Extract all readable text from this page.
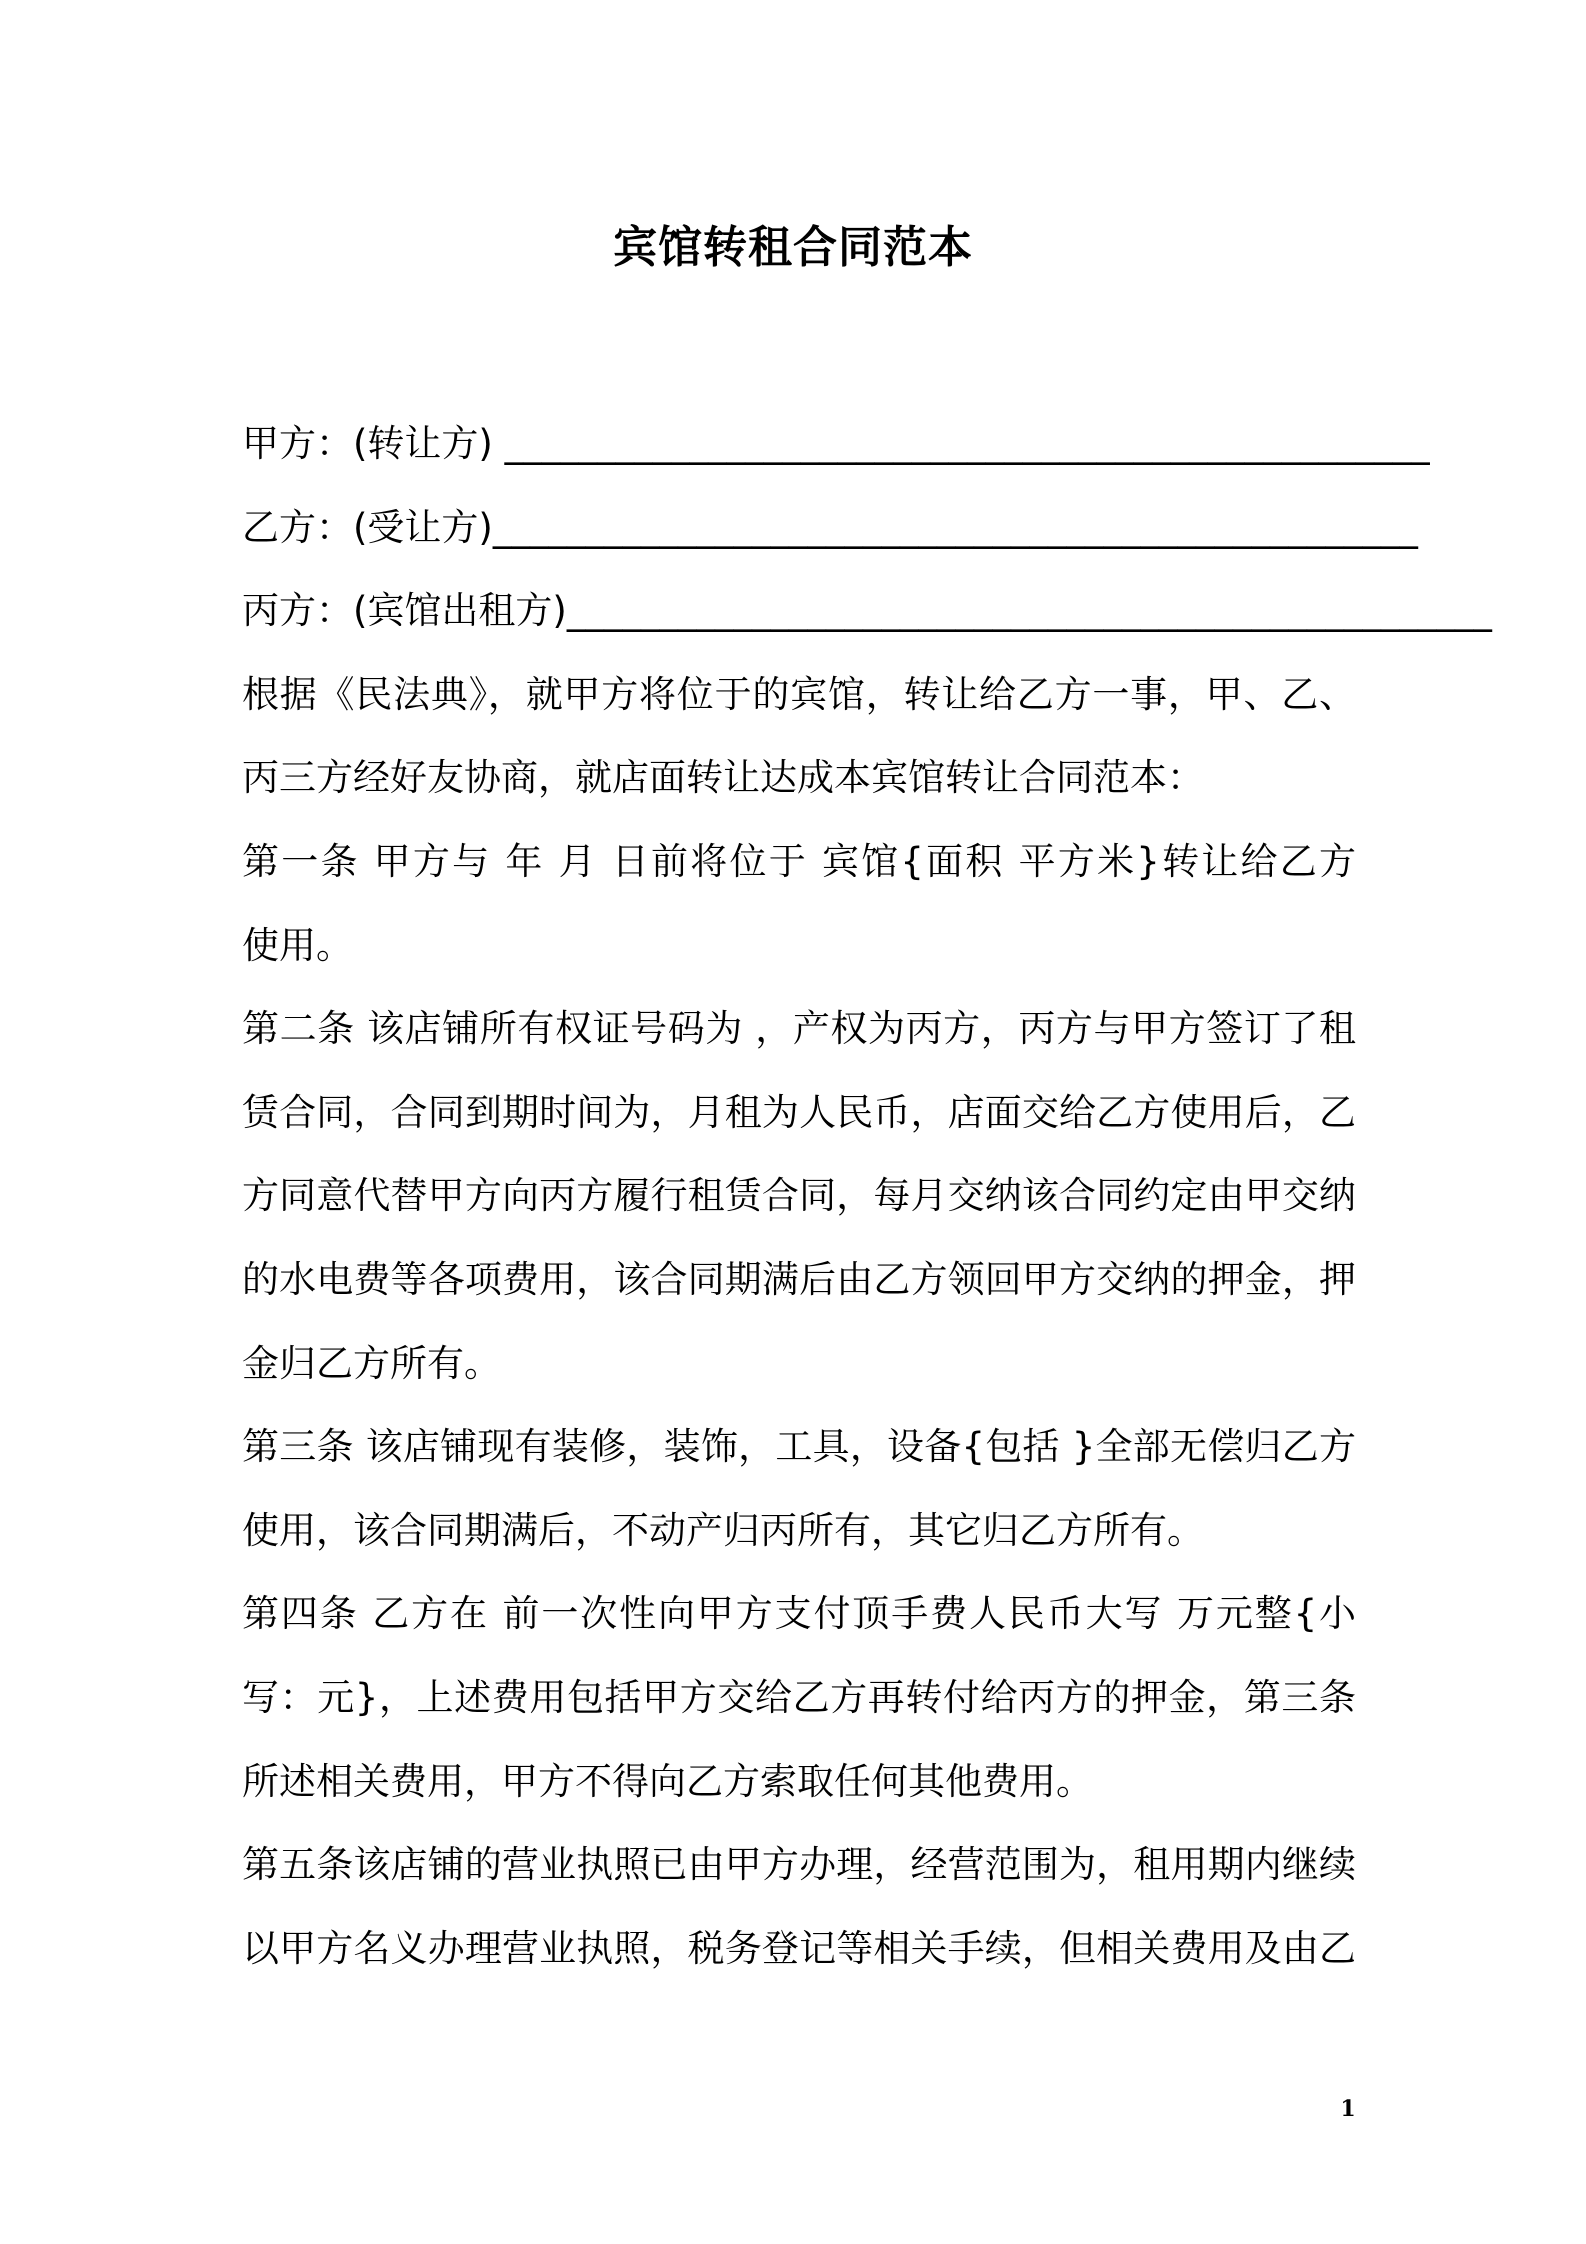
宾馆转租合同范本
甲方：(转让方) __________________________________________________
乙方：(受让方) __________________________________________________
丙方：(宾馆出租方) __________________________________________________
根据《民法典》，就甲方将位于的宾馆，转让给乙方一事，甲、乙、
丙三方经好友协商，就店面转让达成本宾馆转让合同范本：
第一条 甲方与 年 月 日前将位于 宾馆{面积 平方米}转让给乙方
使用。
第二条 该店铺所有权证号码为 ，产权为丙方，丙方与甲方签订了租
赁合同，合同到期时间为，月租为人民币，店面交给乙方使用后，乙
方同意代替甲方向丙方履行租赁合同，每月交纳该合同约定由甲交纳
的水电费等各项费用，该合同期满后由乙方领回甲方交纳的押金，押
金归乙方所有。
第三条 该店铺现有装修，装饰，工具，设备{包括 }全部无偿归乙方
使用，该合同期满后，不动产归丙所有，其它归乙方所有。
第四条 乙方在 前一次性向甲方支付顶手费人民币大写 万元整{小
写：元}，上述费用包括甲方交给乙方再转付给丙方的押金，第三条
所述相关费用，甲方不得向乙方索取任何其他费用。
第五条该店铺的营业执照已由甲方办理，经营范围为，租用期内继续
以甲方名义办理营业执照，税务登记等相关手续，但相关费用及由乙
1
